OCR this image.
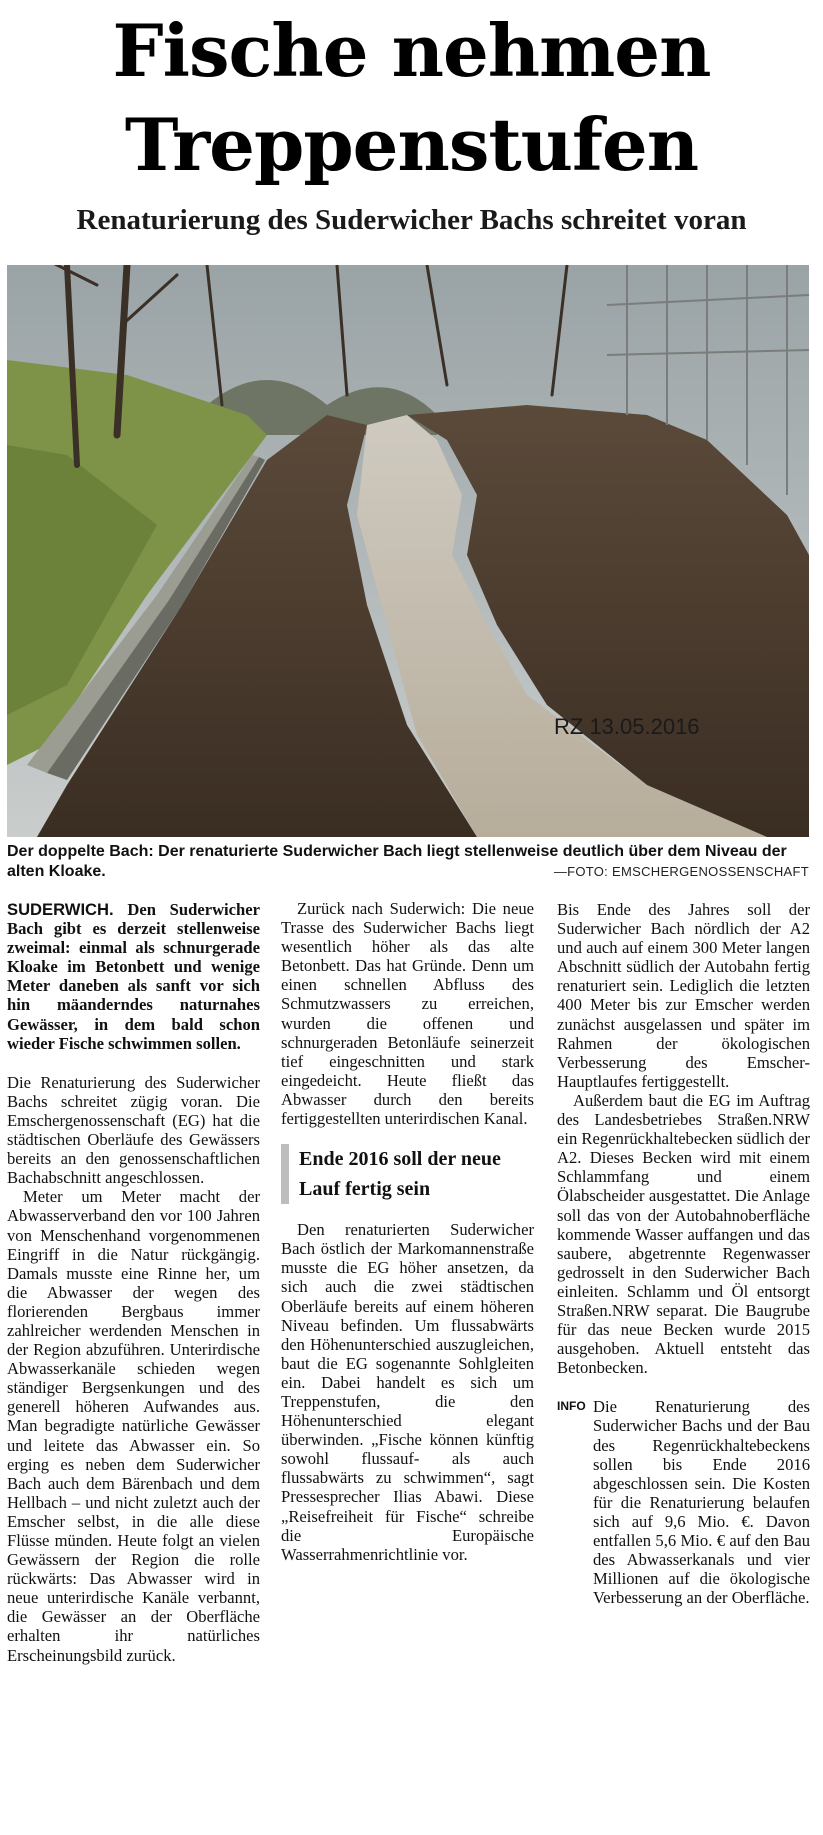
Fische nehmen
Treppenstufen
Renaturierung des Suderwicher Bachs schreitet voran
RZ 13.05.2016
Der doppelte Bach: Der renaturierte Suderwicher Bach liegt stellenweise deutlich über dem Niveau der alten Kloake.	—FOTO: EMSCHERGENOSSENSCHAFT

SUDERWICH. Den Suderwicher Bach gibt es derzeit stellenweise zweimal: einmal als schnurgerade Kloake im Betonbett und wenige Meter daneben als sanft vor sich hin mäanderndes naturnahes Gewässer, in dem bald schon wieder Fische schwimmen sollen.

Die Renaturierung des Suderwicher Bachs schreitet zügig voran. Die Emschergenossenschaft (EG) hat die städtischen Oberläufe des Gewässers bereits an den genossenschaftlichen Bachabschnitt angeschlossen.

Meter um Meter macht der Abwasserverband den vor 100 Jahren von Menschenhand vorgenommenen Eingriff in die Natur rückgängig. Damals musste eine Rinne her, um die Abwasser der wegen des florierenden Bergbaus immer zahlreicher werdenden Menschen in der Region abzuführen. Unterirdische Abwasserkanäle schieden wegen ständiger Bergsenkungen und des generell höheren Aufwandes aus. Man begradigte natürliche Gewässer und leitete das Abwasser ein. So erging es neben dem Suderwicher Bach auch dem Bärenbach und dem Hellbach – und nicht zuletzt auch der Emscher selbst, in die alle diese Flüsse münden. Heute folgt an vielen Gewässern der Region die rolle rückwärts: Das Abwasser wird in neue unterirdische Kanäle verbannt, die Gewässer an der Oberfläche erhalten ihr natürliches Erscheinungsbild zurück.

Zurück nach Suderwich: Die neue Trasse des Suderwicher Bachs liegt wesentlich höher als das alte Betonbett. Das hat Gründe. Denn um einen schnellen Abfluss des Schmutzwassers zu erreichen, wurden die offenen und schnurgeraden Betonläufe seinerzeit tief eingeschnitten und stark eingedeicht. Heute fließt das Abwasser durch den bereits fertiggestellten unterirdischen Kanal.

Ende 2016 soll der neue Lauf fertig sein

Den renaturierten Suderwicher Bach östlich der Markomannenstraße musste die EG höher ansetzen, da sich auch die zwei städtischen Oberläufe bereits auf einem höheren Niveau befinden. Um flussabwärts den Höhenunterschied auszugleichen, baut die EG sogenannte Sohlgleiten ein. Dabei handelt es sich um Treppenstufen, die den Höhenunterschied elegant überwinden. „Fische können künftig sowohl flussauf- als auch flussabwärts zu schwimmen“, sagt Pressesprecher Ilias Abawi. Diese „Reisefreiheit für Fische“ schreibe die Europäische Wasserrahmenrichtlinie vor.

Bis Ende des Jahres soll der Suderwicher Bach nördlich der A2 und auch auf einem 300 Meter langen Abschnitt südlich der Autobahn fertig renaturiert sein. Lediglich die letzten 400 Meter bis zur Emscher werden zunächst ausgelassen und später im Rahmen der ökologischen Verbesserung des Emscher-Hauptlaufes fertiggestellt.

Außerdem baut die EG im Auftrag des Landesbetriebes Straßen.NRW ein Regenrückhaltebecken südlich der A2. Dieses Becken wird mit einem Schlammfang und einem Ölabscheider ausgestattet. Die Anlage soll das von der Autobahnoberfläche kommende Wasser auffangen und das saubere, abgetrennte Regenwasser gedrosselt in den Suderwicher Bach einleiten. Schlamm und Öl entsorgt Straßen.NRW separat. Die Baugrube für das neue Becken wurde 2015 ausgehoben. Aktuell entsteht das Betonbecken.

INFO Die Renaturierung des Suderwicher Bachs und der Bau des Regenrückhaltebeckens sollen bis Ende 2016 abgeschlossen sein. Die Kosten für die Renaturierung belaufen sich auf 9,6 Mio. €. Davon entfallen 5,6 Mio. € auf den Bau des Abwasserkanals und vier Millionen auf die ökologische Verbesserung an der Oberfläche.
